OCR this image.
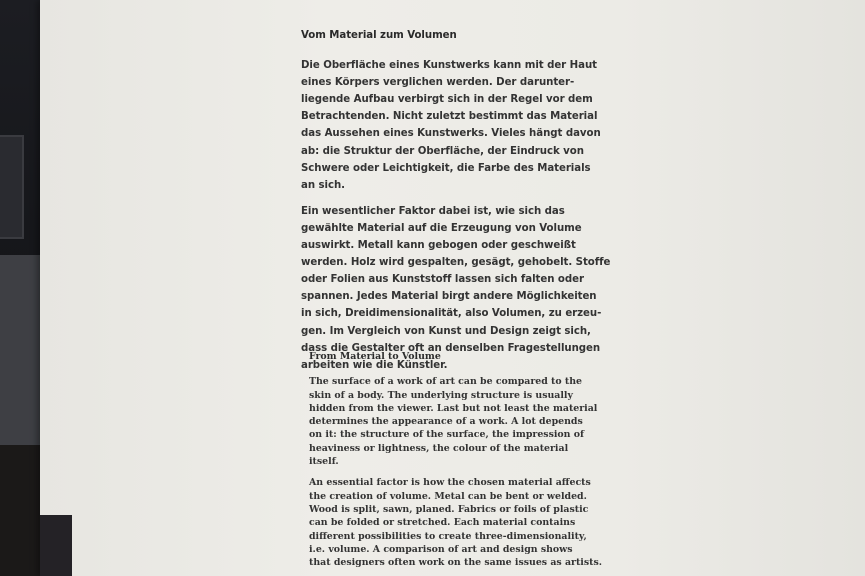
Vom Material zum Volumen

Die Oberfläche eines Kunstwerks kann mit der Haut
eines Körpers verglichen werden. Der darunter-
liegende Aufbau verbirgt sich in der Regel vor dem
Betrachtenden. Nicht zuletzt bestimmt das Material
das Aussehen eines Kunstwerks. Vieles hängt davon
ab: die Struktur der Oberfläche, der Eindruck von
Schwere oder Leichtigkeit, die Farbe des Materials
an sich.

Ein wesentlicher Faktor dabei ist, wie sich das
gewählte Material auf die Erzeugung von Volume
auswirkt. Metall kann gebogen oder geschweißt
werden. Holz wird gespalten, gesägt, gehobelt. Stoffe
oder Folien aus Kunststoff lassen sich falten oder
spannen. Jedes Material birgt andere Möglichkeiten
in sich, Dreidimensionalität, also Volumen, zu erzeu-
gen. Im Vergleich von Kunst und Design zeigt sich,
dass die Gestalter oft an denselben Fragestellungen
arbeiten wie die Künstler.

From Material to Volume

The surface of a work of art can be compared to the
skin of a body. The underlying structure is usually
hidden from the viewer. Last but not least the material
determines the appearance of a work. A lot depends
on it: the structure of the surface, the impression of
heaviness or lightness, the colour of the material
itself.

An essential factor is how the chosen material affects
the creation of volume. Metal can be bent or welded.
Wood is split, sawn, planed. Fabrics or foils of plastic
can be folded or stretched. Each material contains
different possibilities to create three-dimensionality,
i.e. volume. A comparison of art and design shows
that designers often work on the same issues as artists.
